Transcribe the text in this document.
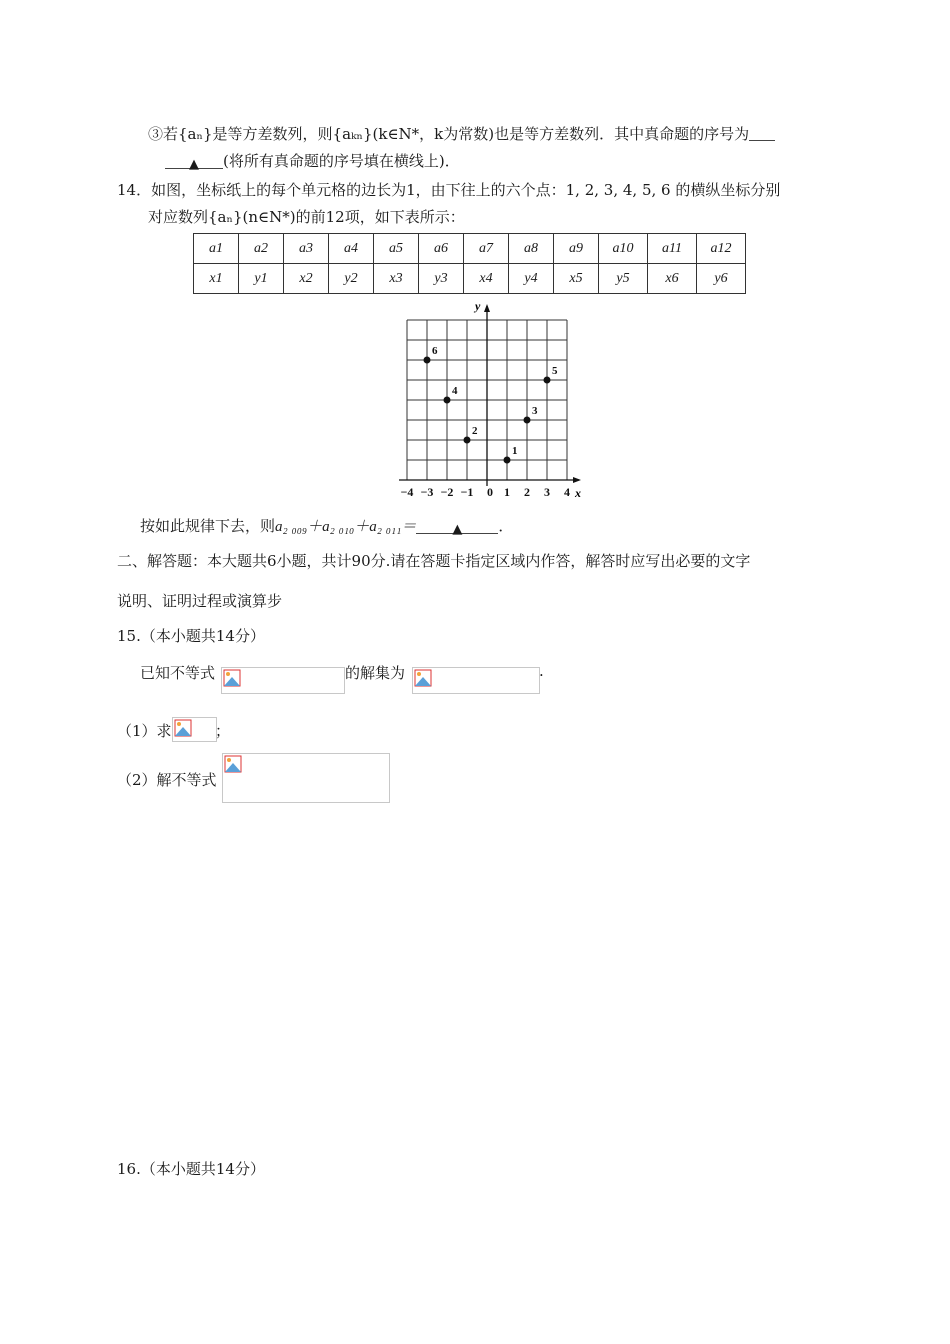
③若{aₙ}是等方差数列，则{aₖₙ}(k∈N*，k为常数)也是等方差数列．其中真命题的序号为
▲ (将所有真命题的序号填在横线上)．
14．如图，坐标纸上的每个单元格的边长为1，由下往上的六个点：1, 2, 3, 4, 5, 6 的横纵坐标分别
对应数列{aₙ}(n∈N*)的前12项，如下表所示：
a1	a2	a3	a4	a5	a6	a7	a8	a9	a10	a11	a12
x1	y1	x2	y2	x3	y3	x4	y4	x5	y5	x6	y6
−4 −3 −2 −1 0 1 2 3 4
1
2
3
4
5
6
x
y
按如此规律下去，则a₂ ₀₀₉＋a₂ ₀₁₀＋a₂ ₀₁₁＝	▲ ．
二、解答题：本大题共6小题，共计90分.请在答题卡指定区域内作答，解答时应写出必要的文字
说明、证明过程或演算步
15.（本小题共14分）
已知不等式	的解集为	.
（1）求	；
（2）解不等式
16.（本小题共14分）
